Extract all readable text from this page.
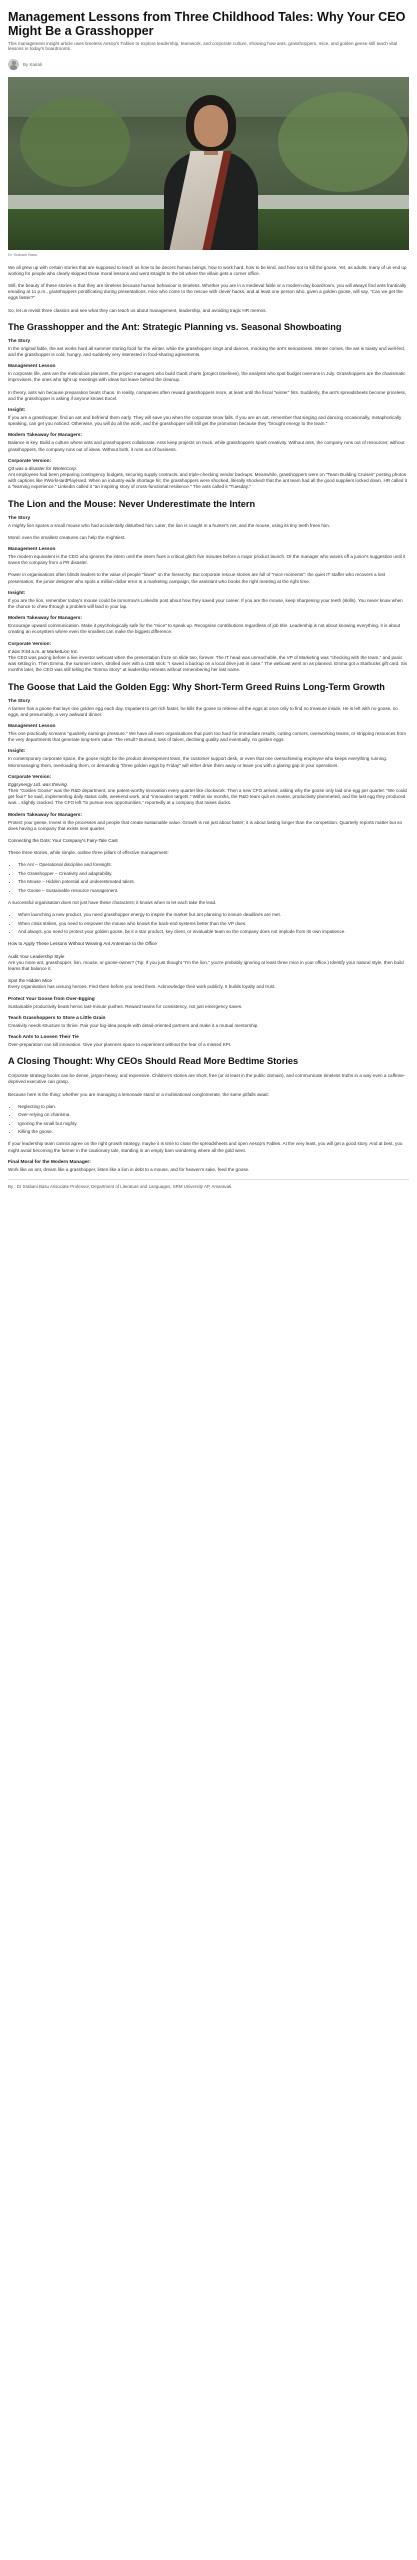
Management Lessons from Three Childhood Tales: Why Your CEO Might Be a Grasshopper
This management insight article uses timeless Aesop's Fables to explore leadership, teamwork, and corporate culture, showing how ants, grasshoppers, mice, and golden geese still teach vital lessons in today's boardrooms.
By Kairali
Dr Srabani Basu

We all grew up with certain stories that are supposed to teach us how to be decent human beings, how to work hard, how to be kind, and how not to kill the goose. Yet, as adults, many of us end up working for people who clearly skipped those moral lessons and went straight to the bit where the villain gets a corner office.

Still, the beauty of these stories is that they are timeless because human behaviour is timeless. Whether you are in a medieval fable or a modern-day boardroom, you will always find ants frantically emailing at 11 p.m., grasshoppers pontificating during presentations, mice who come to the rescue with clever hacks, and at least one person who, given a golden goose, will say, "Can we get the eggs faster?"

So, let us revisit three classics and see what they can teach us about management, leadership, and avoiding tragic HR memos.

The Grasshopper and the Ant: Strategic Planning vs. Seasonal Showboating
The Story

In the original fable, the ant works hard all summer storing food for the winter, while the grasshopper sings and dances, mocking the ant's seriousness. Winter comes, the ant is toasty and well-fed, and the grasshopper is cold, hungry, and suddenly very interested in food-sharing agreements.

Management Lesson

In corporate life, ants are the meticulous planners, the project managers who build Gantt charts (project timelines), the analysts who spot budget overruns in July. Grasshoppers are the charismatic improvisers, the ones who light up meetings with ideas but leave behind the cleanup.

In theory, ants win because preparation beats chaos. In reality, companies often reward grasshoppers more, at least until the fiscal "winter" hits. Suddenly, the ant's spreadsheets become priceless, and the grasshopper is asking if anyone knows Excel.

Insight:

If you are a grasshopper, find an ant and befriend them early. They will save you when the corporate snow falls. If you are an ant, remember that singing and dancing occasionally, metaphorically speaking, can get you noticed. Otherwise, you will do all the work, and the grasshopper will still get the promotion because they "brought energy to the team."

Modern Takeaway for Managers:

Balance is key. Build a culture where ants and grasshoppers collaborate. Ants keep projects on track, while grasshoppers spark creativity. Without ants, the company runs out of resources; without grasshoppers, the company runs out of ideas. Without both, it runs out of business.

Corporate Version:
Q3 was a disaster for WinterCorp.

Ant employees had been preparing contingency budgets, securing supply contracts, and triple-checking vendor backups. Meanwhile, grasshoppers were on "Team Building Cruises" posting photos with captions like #WorkHardPlayHard. When an industry-wide shortage hit, the grasshoppers were shocked, literally shocked! that the ant team had all the good suppliers locked down. HR called it a "learning experience." LinkedIn called it "an inspiring story of cross-functional resilience." The ants called it "Tuesday."

The Lion and the Mouse: Never Underestimate the Intern
The Story

A mighty lion spares a small mouse who had accidentally disturbed him. Later, the lion is caught in a hunter's net, and the mouse, using its tiny teeth frees him.

Moral: even the smallest creatures can help the mightiest.

Management Lesson

The modern equivalent is the CEO who ignores the intern until the intern fixes a critical glitch five minutes before a major product launch. Or the manager who waves off a junior's suggestion until it saves the company from a PR disaster.

Power in organisations often blinds leaders to the value of people "lower" on the hierarchy. But corporate rescue stories are full of "mice moments": the quiet IT staffer who recovers a lost presentation, the junior designer who spots a million-dollar error in a marketing campaign, the assistant who books the right meeting at the right time.

Insight:

If you are the lion, remember today's mouse could be tomorrow's LinkedIn post about how they saved your career. If you are the mouse, keep sharpening your teeth (skills). You never know when the chance to chew through a problem will land in your lap.

Modern Takeaway for Managers:

Encourage upward communication. Make it psychologically safe for the "mice" to speak up. Recognise contributions regardless of job title. Leadership is not about knowing everything, it is about creating an ecosystem where even the smallest can make the biggest difference.

Corporate Version:
It was 9:54 a.m. at MarketLion Inc.

The CEO was pacing before a live investor webcast when the presentation froze on slide two, forever. The IT head was unreachable, the VP of Marketing was "checking with the team," and panic was setting in. Then Emma, the summer intern, strolled over with a USB stick: "I saved a backup on a local drive just in case." The webcast went on as planned. Emma got a Starbucks gift card. Six months later, the CEO was still telling the "Emma Story" at leadership retreats without remembering her last name.

The Goose that Laid the Golden Egg: Why Short-Term Greed Ruins Long-Term Growth
The Story

A farmer has a goose that lays one golden egg each day. Impatient to get rich faster, he kills the goose to retrieve all the eggs at once only to find no treasure inside. He is left with no goose, no eggs, and presumably, a very awkward dinner.

Management Lesson

This one practically screams "quarterly earnings pressure." We have all seen organisations that push too hard for immediate results, cutting corners, overworking teams, or stripping resources from the very departments that generate long-term value. The result? Burnout, loss of talent, declining quality and eventually, no golden eggs.

Insight:

In contemporary corporate space, the goose might be the product development team, the customer support desk, or even that one overachieving employee who keeps everything running. Micromanaging them, overloading them, or demanding "three golden eggs by Friday" will either drive them away or leave you with a glaring gap in your operations.

Corporate Version:
Eggsynergy Ltd. was thriving.

Their "Golden Goose" was the R&D department, one patent-worthy innovation every quarter like clockwork. Then a new CFO arrived, asking why the goose only laid one egg per quarter. "We could get four!" he said, implementing daily status calls, weekend work, and "innovation targets." Within six months, the R&D team quit en masse, productivity plummeted, and the last egg they produced was... slightly cracked. The CFO left "to pursue new opportunities," reportedly at a company that raises ducks.

Modern Takeaway for Managers:

Protect your geese. Invest in the processes and people that create sustainable value. Growth is not just about faster; it is about lasting longer than the competition. Quarterly reports matter but so does having a company that exists next quarter.

Connecting the Dots: Your Company's Fairy-Tale Cast

These three stories, while simple, outline three pillars of effective management:

• The Ant – Operational discipline and foresight.
• The Grasshopper – Creativity and adaptability.
• The Mouse – Hidden potential and underestimated talent.
• The Goose – Sustainable resource management.

A successful organisation does not just have these characters; it knows when to let each take the lead.

• When launching a new product, you need grasshopper energy to inspire the market but ant planning to ensure deadlines are met.
• When crisis strikes, you need to empower the mouse who knows the back-end systems better than the VP does.
• And always, you need to protect your golden goose, be it a star product, key client, or invaluable team so the company does not implode from its own impatience.

How to Apply These Lessons Without Wearing Ant Antennae to the Office

Audit Your Leadership Style

Are you more ant, grasshopper, lion, mouse, or goose-owner? (Tip: If you just thought "I'm the lion," you're probably ignoring at least three mice in your office.) Identify your natural style, then build teams that balance it.

Spot the Hidden Mice

Every organisation has unsung heroes. Find them before you need them. Acknowledge their work publicly. It builds loyalty and trust.

Protect Your Goose from Over-Egging

Sustainable productivity beats heroic last-minute pushes. Reward teams for consistency, not just emergency saves.

Teach Grasshoppers to Store a Little Grain

Creativity needs structure to thrive. Pair your big-idea people with detail-oriented partners and make it a mutual mentorship.

Teach Ants to Loosen Their Tie

Over-preparation can kill innovation. Give your planners space to experiment without the fear of a missed KPI.

A Closing Thought: Why CEOs Should Read More Bedtime Stories

Corporate strategy books can be dense, jargon-heavy, and expensive. Children's stories are short, free (or at least in the public domain), and communicate timeless truths in a way even a caffeine-deprived executive can grasp.

Because here is the thing: whether you are managing a lemonade stand or a multinational conglomerate, the same pitfalls await:

• Neglecting to plan.
• Over-relying on charisma.
• Ignoring the small but mighty.
• Killing the goose.

If your leadership team cannot agree on the right growth strategy, maybe it is time to close the spreadsheets and open Aesop's Fables. At the very least, you will get a good story. And at best, you might avoid becoming the farmer in the cautionary tale, standing in an empty barn wondering where all the gold went.

Final Moral for the Modern Manager:

Work like an ant, dream like a grasshopper, listen like a lion in debt to a mouse, and for heaven's sake, feed the goose.

By : Dr Srabani Basu Associate Professor, Department of Literature and Languages, SRM University AP, Amaravati.
